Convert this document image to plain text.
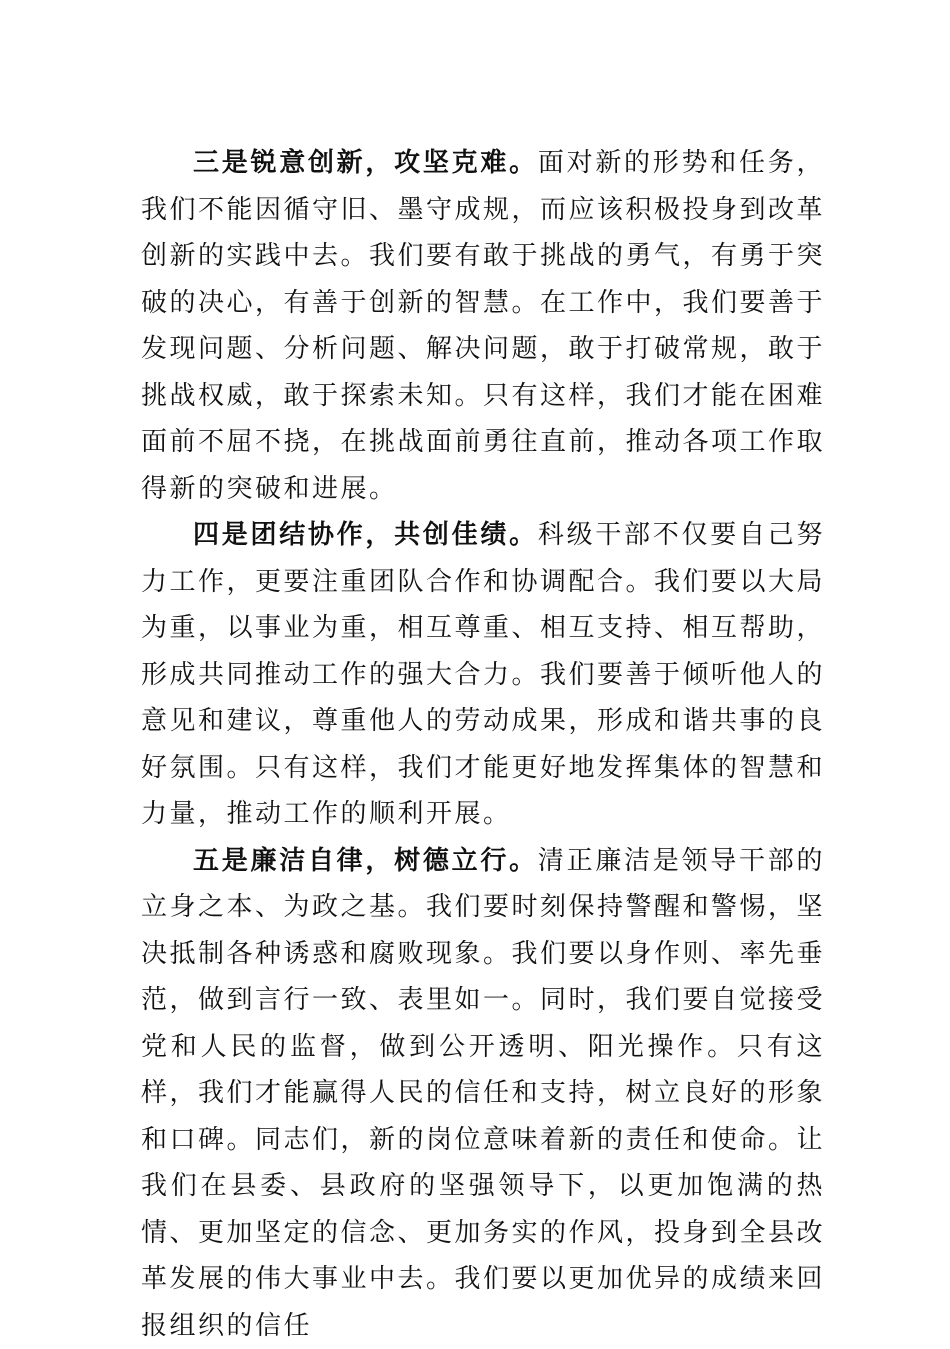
三是锐意创新，攻坚克难。面对新的形势和任务，我们不能因循守旧、墨守成规，而应该积极投身到改革创新的实践中去。我们要有敢于挑战的勇气，有勇于突破的决心，有善于创新的智慧。在工作中，我们要善于发现问题、分析问题、解决问题，敢于打破常规，敢于挑战权威，敢于探索未知。只有这样，我们才能在困难面前不屈不挠，在挑战面前勇往直前，推动各项工作取得新的突破和进展。

四是团结协作，共创佳绩。科级干部不仅要自己努力工作，更要注重团队合作和协调配合。我们要以大局为重，以事业为重，相互尊重、相互支持、相互帮助，形成共同推动工作的强大合力。我们要善于倾听他人的意见和建议，尊重他人的劳动成果，形成和谐共事的良好氛围。只有这样，我们才能更好地发挥集体的智慧和力量，推动工作的顺利开展。

五是廉洁自律，树德立行。清正廉洁是领导干部的立身之本、为政之基。我们要时刻保持警醒和警惕，坚决抵制各种诱惑和腐败现象。我们要以身作则、率先垂范，做到言行一致、表里如一。同时，我们要自觉接受党和人民的监督，做到公开透明、阳光操作。只有这样，我们才能赢得人民的信任和支持，树立良好的形象和口碑。同志们，新的岗位意味着新的责任和使命。让我们在县委、县政府的坚强领导下，以更加饱满的热情、更加坚定的信念、更加务实的作风，投身到全县改革发展的伟大事业中去。我们要以更加优异的成绩来回报组织的信任
